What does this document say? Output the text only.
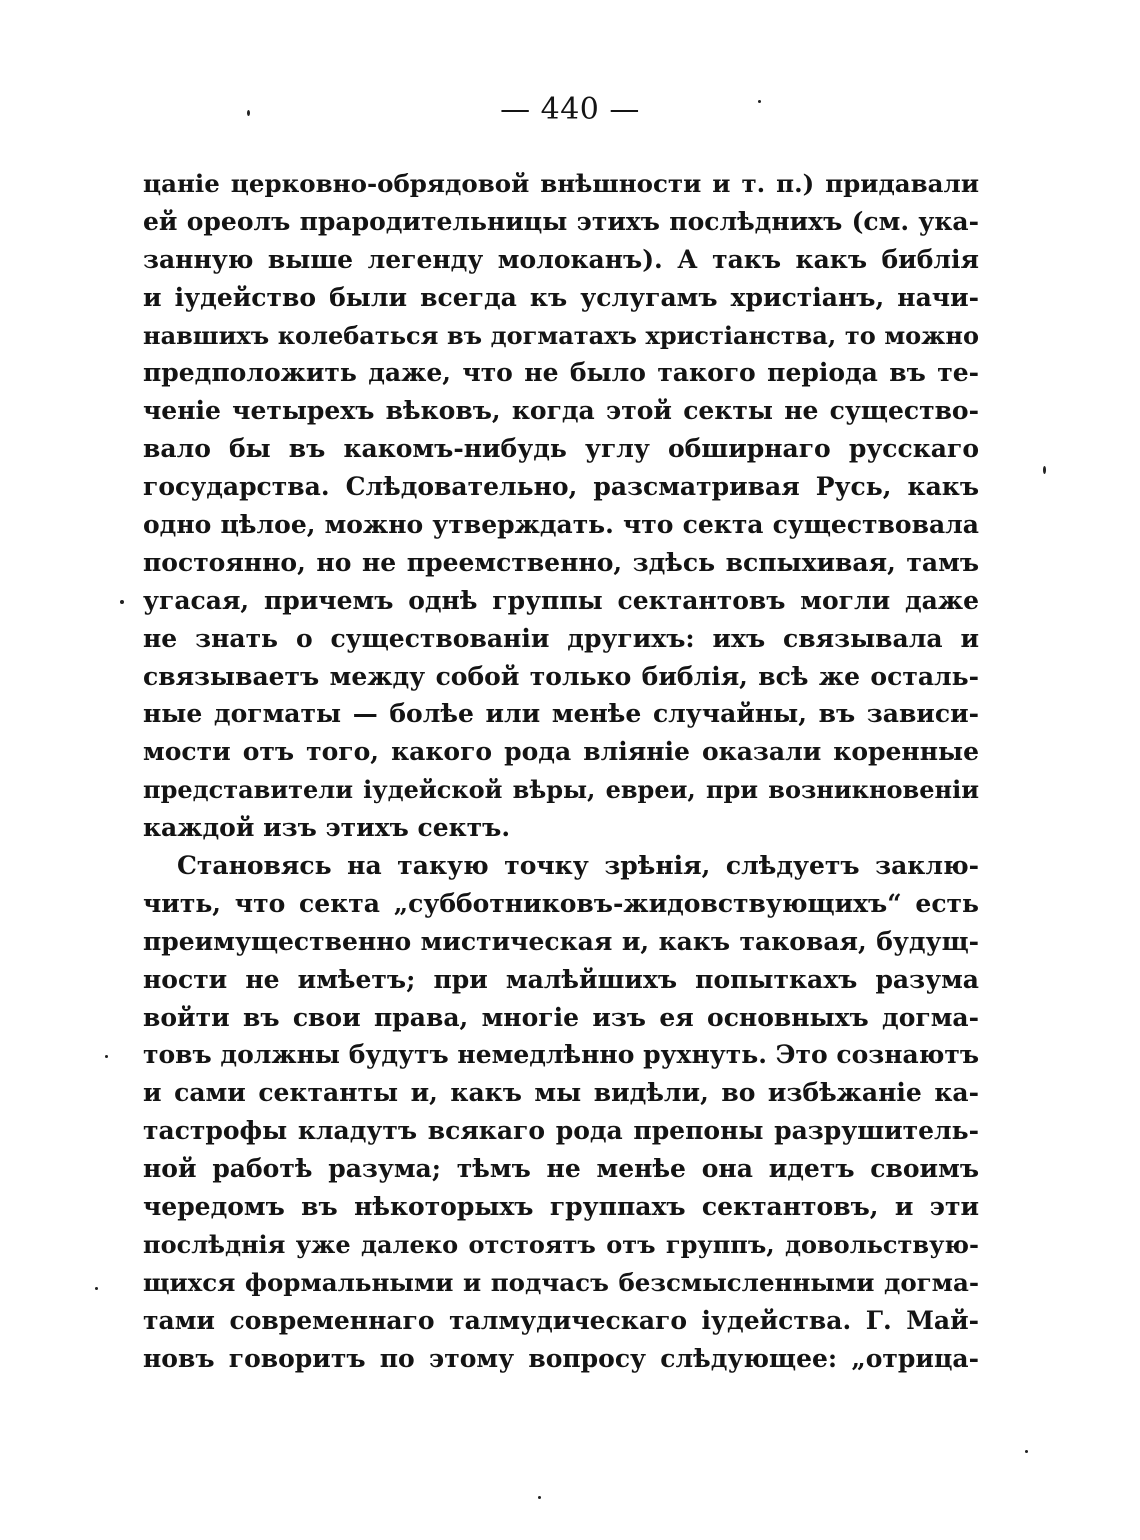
— 440 —
цаніе церковно-обрядовой внѣшности и т. п.) придавали
ей ореолъ прародительницы этихъ послѣднихъ (см. ука-
занную выше легенду молоканъ). А такъ какъ библія
и іудейство были всегда къ услугамъ христіанъ, начи-
навшихъ колебаться въ догматахъ христіанства, то можно
предположить даже, что не было такого періода въ те-
ченіе четырехъ вѣковъ, когда этой секты не существо-
вало бы въ какомъ-нибудь углу обширнаго русскаго
государства. Слѣдовательно, разсматривая Русь, какъ
одно цѣлое, можно утверждать. что секта существовала
постоянно, но не преемственно, здѣсь вспыхивая, тамъ
угасая, причемъ однѣ группы сектантовъ могли даже
не знать о существованіи другихъ: ихъ связывала и
связываетъ между собой только библія, всѣ же осталь-
ные догматы — болѣе или менѣе случайны, въ зависи-
мости отъ того, какого рода вліяніе оказали коренные
представители іудейской вѣры, евреи, при возникновеніи
каждой изъ этихъ сектъ.
Становясь на такую точку зрѣнія, слѣдуетъ заклю-
чить, что секта „субботниковъ-жидовствующихъ“ есть
преимущественно мистическая и, какъ таковая, будущ-
ности не имѣетъ; при малѣйшихъ попыткахъ разума
войти въ свои права, многіе изъ ея основныхъ догма-
товъ должны будутъ немедлѣнно рухнуть. Это сознаютъ
и сами сектанты и, какъ мы видѣли, во избѣжаніе ка-
тастрофы кладутъ всякаго рода препоны разрушитель-
ной работѣ разума; тѣмъ не менѣе она идетъ своимъ
чередомъ въ нѣкоторыхъ группахъ сектантовъ, и эти
послѣднія уже далеко отстоятъ отъ группъ, довольствую-
щихся формальными и подчасъ безсмысленными догма-
тами современнаго талмудическаго іудейства. Г. Май-
новъ говоритъ по этому вопросу слѣдующее: „отрица-
